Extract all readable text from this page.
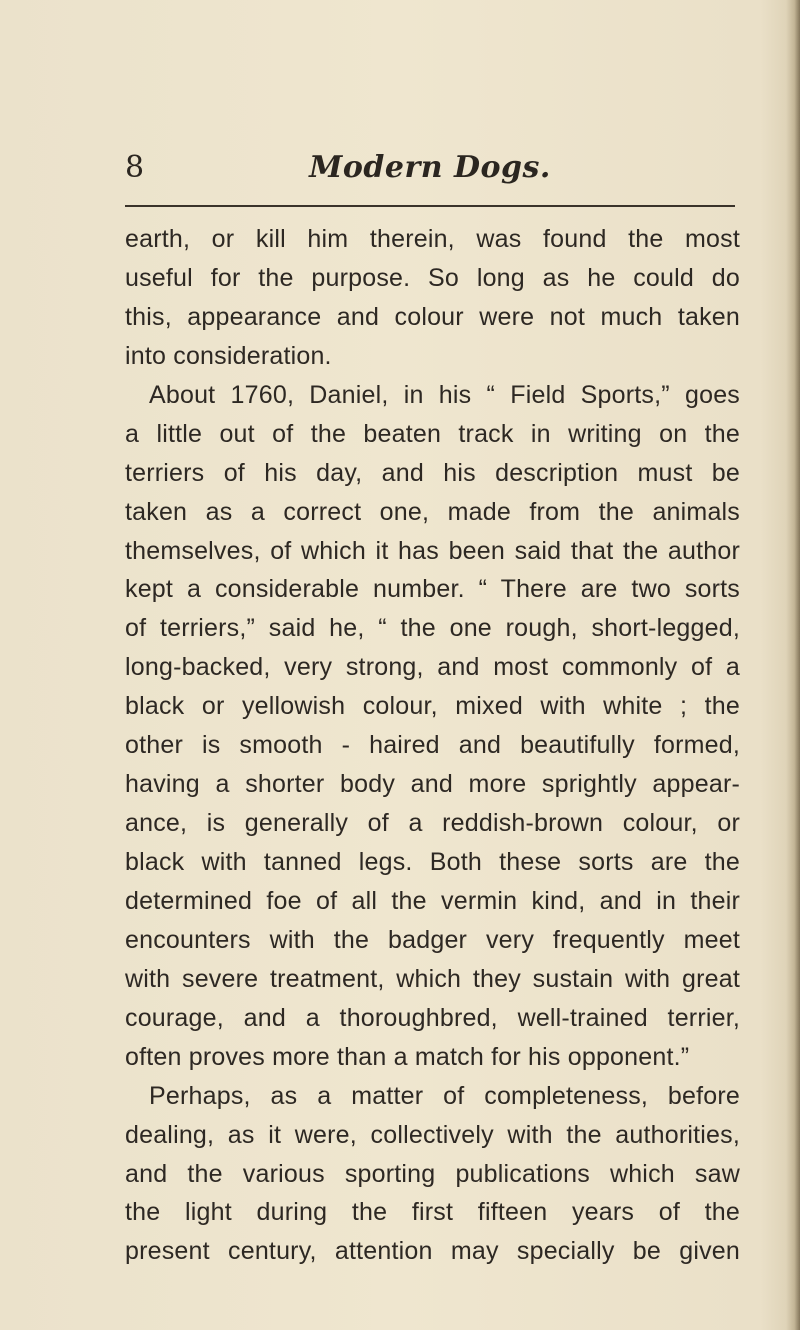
8	Modern Dogs.
earth, or kill him therein, was found the most
useful for the purpose. So long as he could do
this, appearance and colour were not much taken
into consideration.
About 1760, Daniel, in his “ Field Sports,” goes
a little out of the beaten track in writing on the
terriers of his day, and his description must be
taken as a correct one, made from the animals
themselves, of which it has been said that the author
kept a considerable number. “ There are two sorts
of terriers,” said he, “ the one rough, short-legged,
long-backed, very strong, and most commonly of a
black or yellowish colour, mixed with white ; the
other is smooth - haired and beautifully formed,
having a shorter body and more sprightly appear-
ance, is generally of a reddish-brown colour, or
black with tanned legs. Both these sorts are the
determined foe of all the vermin kind, and in their
encounters with the badger very frequently meet
with severe treatment, which they sustain with great
courage, and a thoroughbred, well-trained terrier,
often proves more than a match for his opponent.”
Perhaps, as a matter of completeness, before
dealing, as it were, collectively with the authorities,
and the various sporting publications which saw
the light during the first fifteen years of the
present century, attention may specially be given
